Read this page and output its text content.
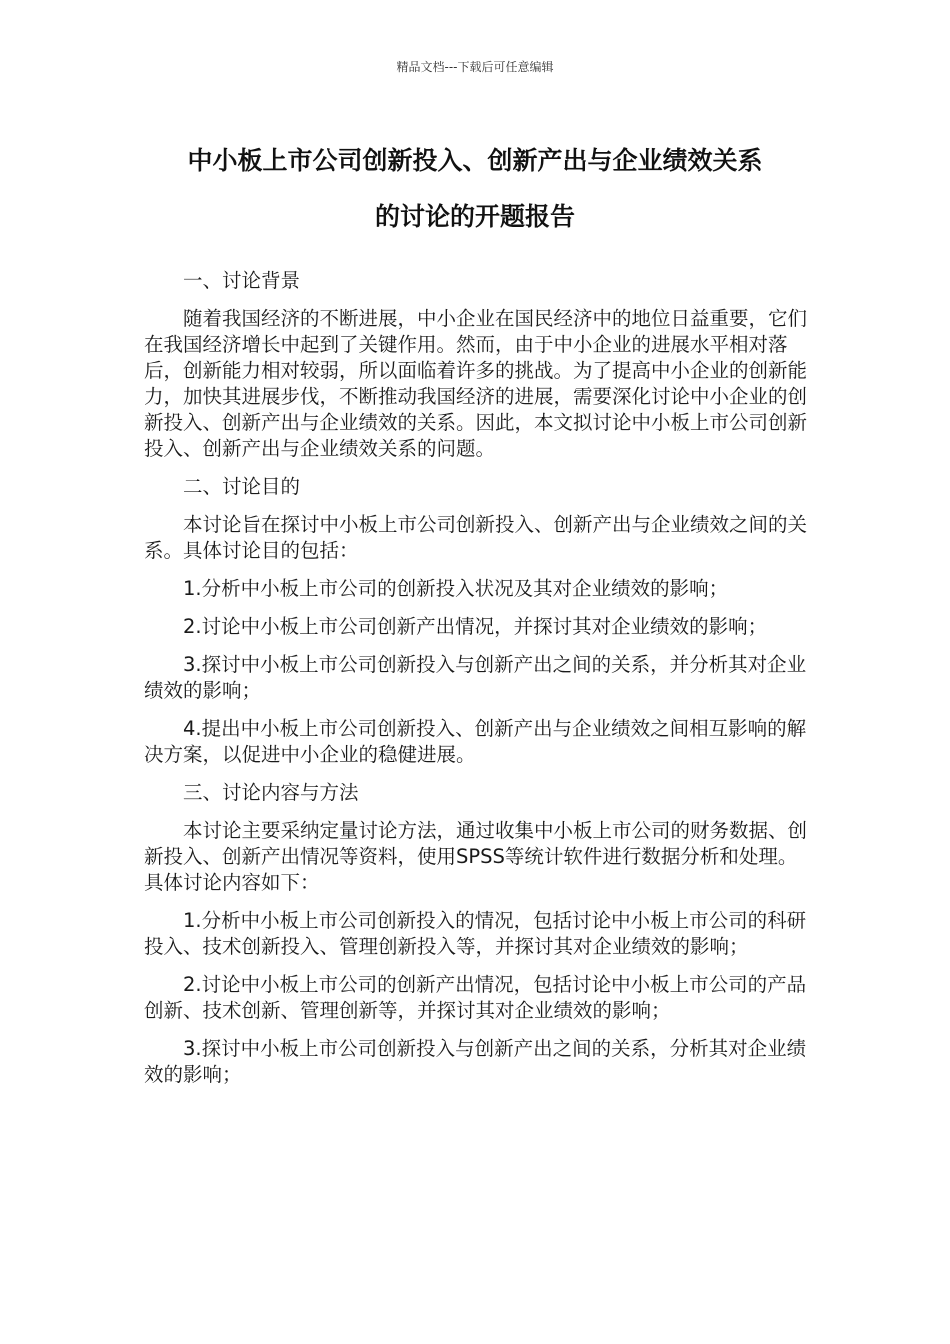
精品文档---下载后可任意编辑
中小板上市公司创新投入、创新产出与企业绩效关系
的讨论的开题报告

一、讨论背景

随着我国经济的不断进展，中小企业在国民经济中的地位日益重要，它们在我国经济增长中起到了关键作用。然而，由于中小企业的进展水平相对落后，创新能力相对较弱，所以面临着许多的挑战。为了提高中小企业的创新能力，加快其进展步伐，不断推动我国经济的进展，需要深化讨论中小企业的创新投入、创新产出与企业绩效的关系。因此，本文拟讨论中小板上市公司创新投入、创新产出与企业绩效关系的问题。

二、讨论目的

本讨论旨在探讨中小板上市公司创新投入、创新产出与企业绩效之间的关系。具体讨论目的包括：

1.分析中小板上市公司的创新投入状况及其对企业绩效的影响；

2.讨论中小板上市公司创新产出情况，并探讨其对企业绩效的影响；

3.探讨中小板上市公司创新投入与创新产出之间的关系，并分析其对企业绩效的影响；

4.提出中小板上市公司创新投入、创新产出与企业绩效之间相互影响的解决方案，以促进中小企业的稳健进展。

三、讨论内容与方法

本讨论主要采纳定量讨论方法，通过收集中小板上市公司的财务数据、创新投入、创新产出情况等资料，使用SPSS等统计软件进行数据分析和处理。具体讨论内容如下：

1.分析中小板上市公司创新投入的情况，包括讨论中小板上市公司的科研投入、技术创新投入、管理创新投入等，并探讨其对企业绩效的影响；

2.讨论中小板上市公司的创新产出情况，包括讨论中小板上市公司的产品创新、技术创新、管理创新等，并探讨其对企业绩效的影响；

3.探讨中小板上市公司创新投入与创新产出之间的关系，分析其对企业绩效的影响；
